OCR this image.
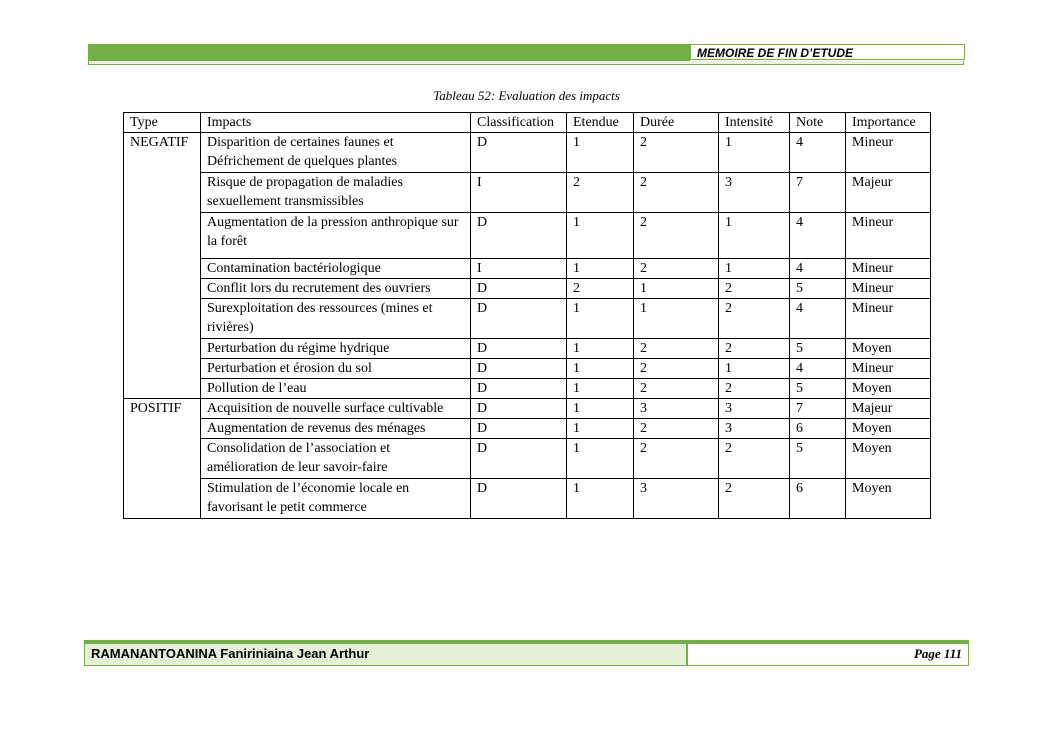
MEMOIRE DE FIN D’ETUDE
Tableau 52: Evaluation des impacts
Type	Impacts	Classification	Etendue	Durée	Intensité	Note	Importance
NEGATIF	Disparition de certaines faunes et Défrichement de quelques plantes	D	1	2	1	4	Mineur
	Risque de propagation de maladies sexuellement transmissibles	I	2	2	3	7	Majeur
	Augmentation de la pression anthropique sur la forêt	D	1	2	1	4	Mineur
	Contamination bactériologique	I	1	2	1	4	Mineur
	Conflit lors du recrutement des ouvriers	D	2	1	2	5	Mineur
	Surexploitation des ressources (mines et rivières)	D	1	1	2	4	Mineur
	Perturbation du régime hydrique	D	1	2	2	5	Moyen
	Perturbation et érosion du sol	D	1	2	1	4	Mineur
	Pollution de l’eau	D	1	2	2	5	Moyen
POSITIF	Acquisition de nouvelle surface cultivable	D	1	3	3	7	Majeur
	Augmentation de revenus des ménages	D	1	2	3	6	Moyen
	Consolidation de l’association et amélioration de leur savoir-faire	D	1	2	2	5	Moyen
	Stimulation de l’économie locale en favorisant le petit commerce	D	1	3	2	6	Moyen
RAMANANTOANINA Faniriniaina Jean Arthur	Page 111
